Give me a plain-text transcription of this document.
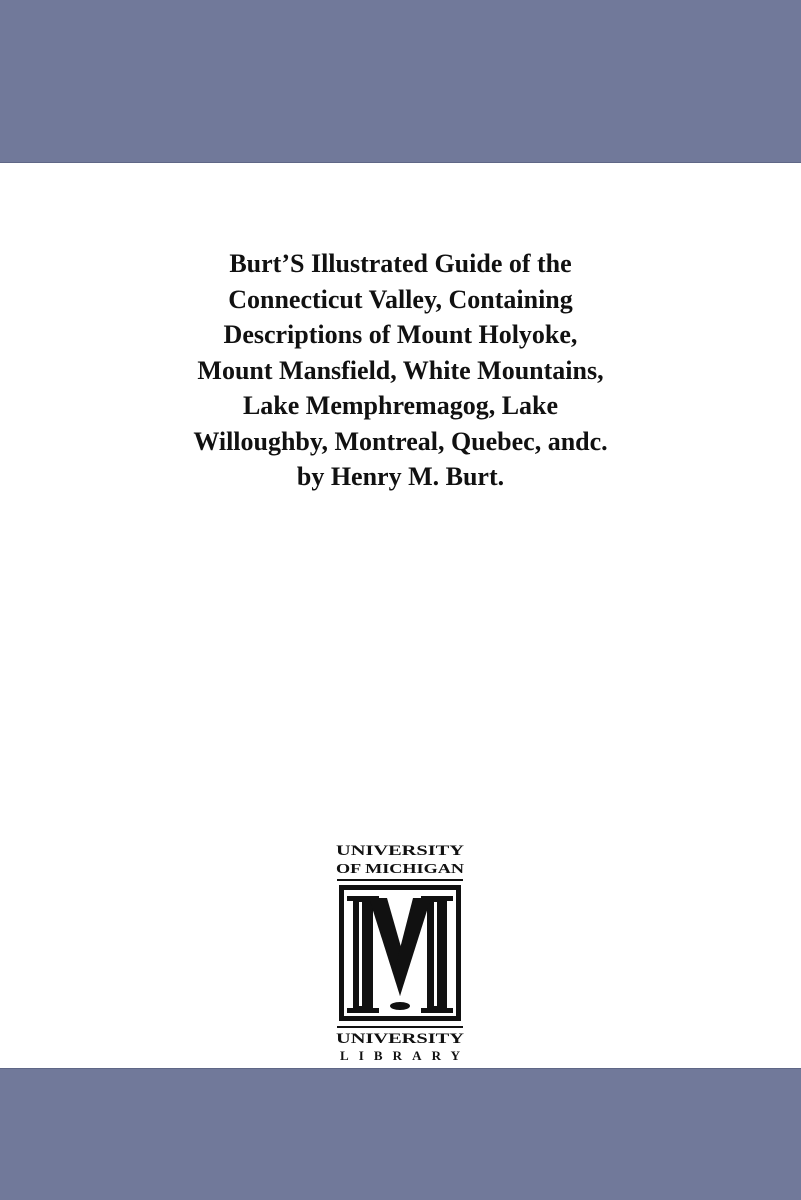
Burt’S Illustrated Guide of the
Connecticut Valley, Containing
Descriptions of Mount Holyoke,
Mount Mansfield, White Mountains,
Lake Memphremagog, Lake
Willoughby, Montreal, Quebec, andc.
by Henry M. Burt.
UNIVERSITY
OF MICHIGAN
UNIVERSITY
LIBRARY
